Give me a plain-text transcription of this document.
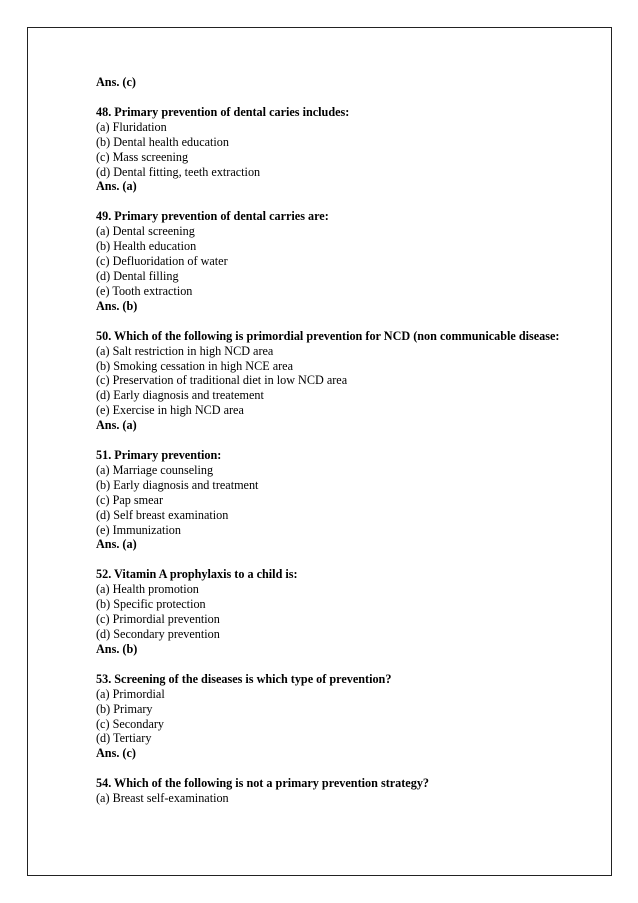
Ans. (c)
48. Primary prevention of dental caries includes:
(a) Fluridation
(b) Dental health education
(c) Mass screening
(d) Dental fitting, teeth extraction
Ans. (a)
49. Primary prevention of dental carries are:
(a) Dental screening
(b) Health education
(c) Defluoridation of water
(d) Dental filling
(e) Tooth extraction
Ans. (b)
50. Which of the following is primordial prevention for NCD (non communicable disease:
(a) Salt restriction in high NCD area
(b) Smoking cessation in high NCE area
(c) Preservation of traditional diet in low NCD area
(d) Early diagnosis and treatement
(e) Exercise in high NCD area
Ans. (a)
51. Primary prevention:
(a) Marriage counseling
(b) Early diagnosis and treatment
(c) Pap smear
(d) Self breast examination
(e) Immunization
Ans. (a)
52. Vitamin A prophylaxis to a child is:
(a) Health promotion
(b) Specific protection
(c) Primordial prevention
(d) Secondary prevention
Ans. (b)
53. Screening of the diseases is which type of prevention?
(a) Primordial
(b) Primary
(c) Secondary
(d) Tertiary
Ans. (c)
54. Which of the following is not a primary prevention strategy?
(a) Breast self-examination
